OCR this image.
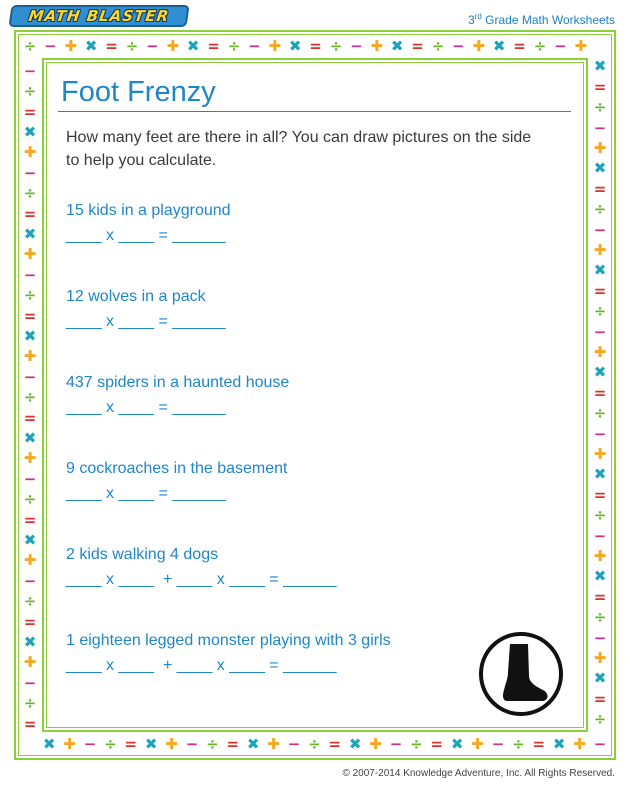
MATH BLASTER	3rd Grade Math Worksheets
÷ − ✚ ✖ = ÷ − ✚ ✖ = ÷ − ✚ ✖ = ÷ − ✚ ✖ = ÷ − ✚ ✖ = ÷ − ✚
✖
=
÷
−
✚
✖
=
÷
−
✚
✖
=
÷
−
✚
✖
=
÷
−
✚
✖
=
÷
−
✚
✖
=
÷
−
✚
✖
=
÷
−
✚
✖
=
÷
−
✚
✖
=
÷
−
✚
✖
=
÷
−
✚
✖
=
÷
−
✚
✖
=
÷
−
✚
✖
=
÷
−
✚
✖
=
÷
−
✚
✖
=
÷
−
✚
✖
=
÷
−
✚
✖
=
÷
−
✚
✖
=
÷
−
✚
✖
=
÷
−
Foot Frenzy
How many feet are there in all? You can draw pictures on the side to help you calculate.
15 kids in a playground
____ x ____ = ______
12 wolves in a pack
____ x ____ = ______
437 spiders in a haunted house
____ x ____ = ______
9 cockroaches in the basement
____ x ____ = ______
2 kids walking 4 dogs
____ x ____  + ____ x ____ = ______
1 eighteen legged monster playing with 3 girls
____ x ____  + ____ x ____ = ______
© 2007-2014 Knowledge Adventure, Inc. All Rights Reserved.
